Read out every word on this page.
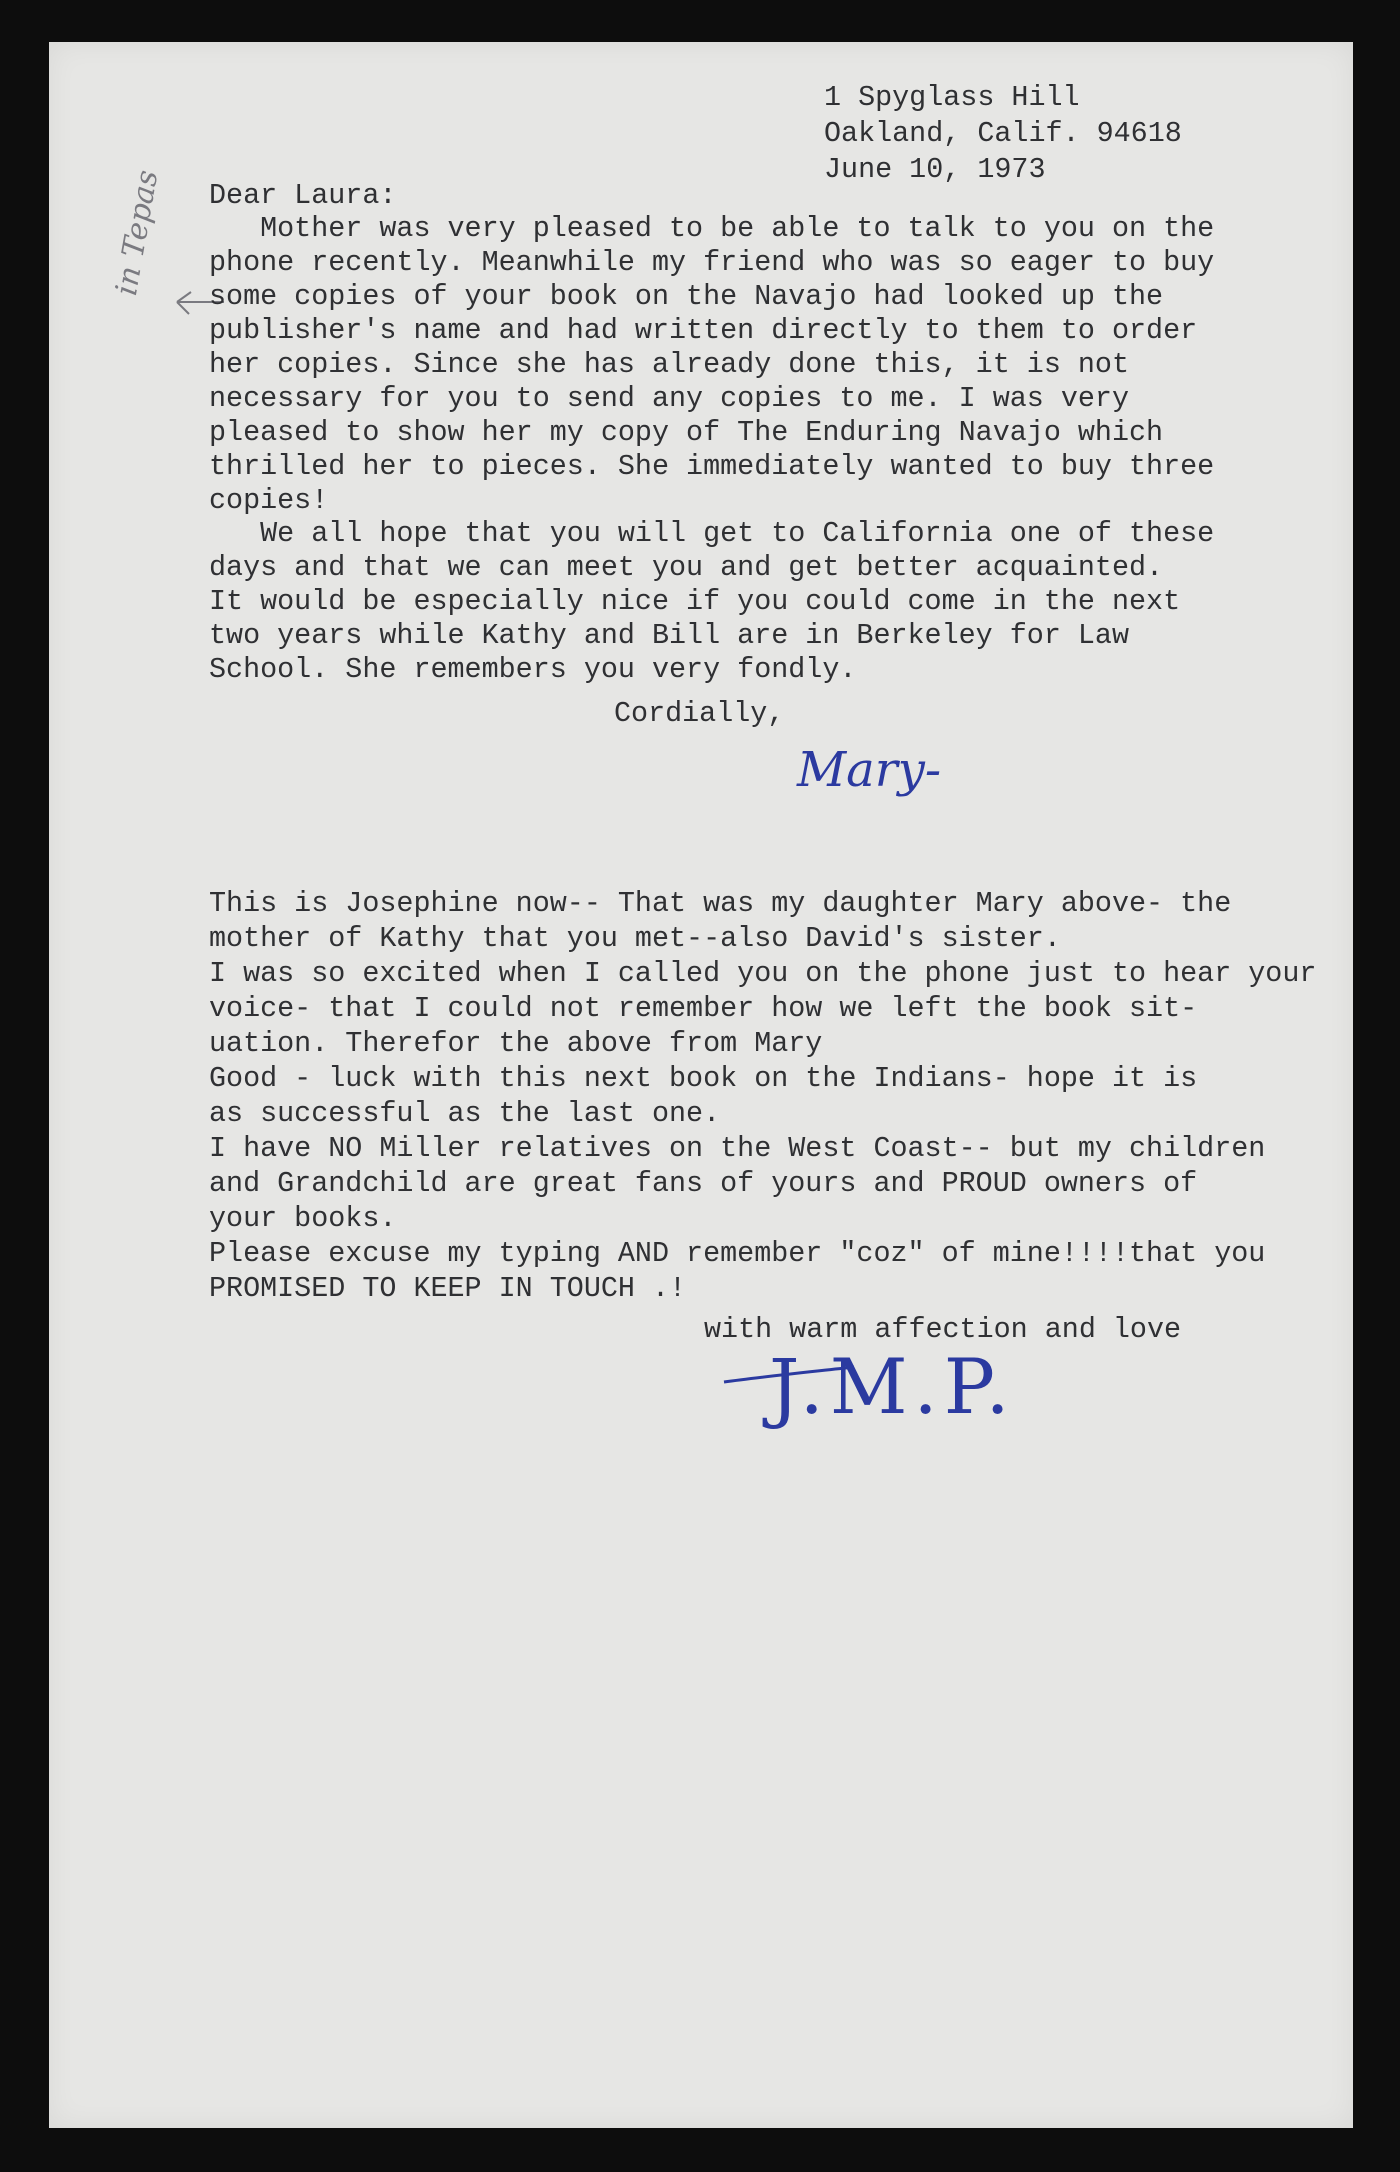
1 Spyglass Hill
Oakland, Calif. 94618
June 10, 1973
in Tepas Dear Laura:
Mother was very pleased to be able to talk to you on the
phone recently. Meanwhile my friend who was so eager to buy
some copies of your book on the Navajo had looked up the
publisher's name and had written directly to them to order
her copies. Since she has already done this, it is not
necessary for you to send any copies to me. I was very
pleased to show her my copy of The Enduring Navajo which
thrilled her to pieces. She immediately wanted to buy three
copies!
We all hope that you will get to California one of these
days and that we can meet you and get better acquainted.
It would be especially nice if you could come in the next
two years while Kathy and Bill are in Berkeley for Law
School. She remembers you very fondly.
Cordially,
Mary-
This is Josephine now-- That was my daughter Mary above- the
mother of Kathy that you met--also David's sister.
I was so excited when I called you on the phone just to hear your
voice- that I could not remember how we left the book sit-
uation. Therefor the above from Mary
Good - luck with this next book on the Indians- hope it is
as successful as the last one.
I have NO Miller relatives on the West Coast-- but my children
and Grandchild are great fans of yours and PROUD owners of
your books.
Please excuse my typing AND remember "coz" of mine!!!!that you
PROMISED TO KEEP IN TOUCH .!
with warm affection and love
J.M.P.
